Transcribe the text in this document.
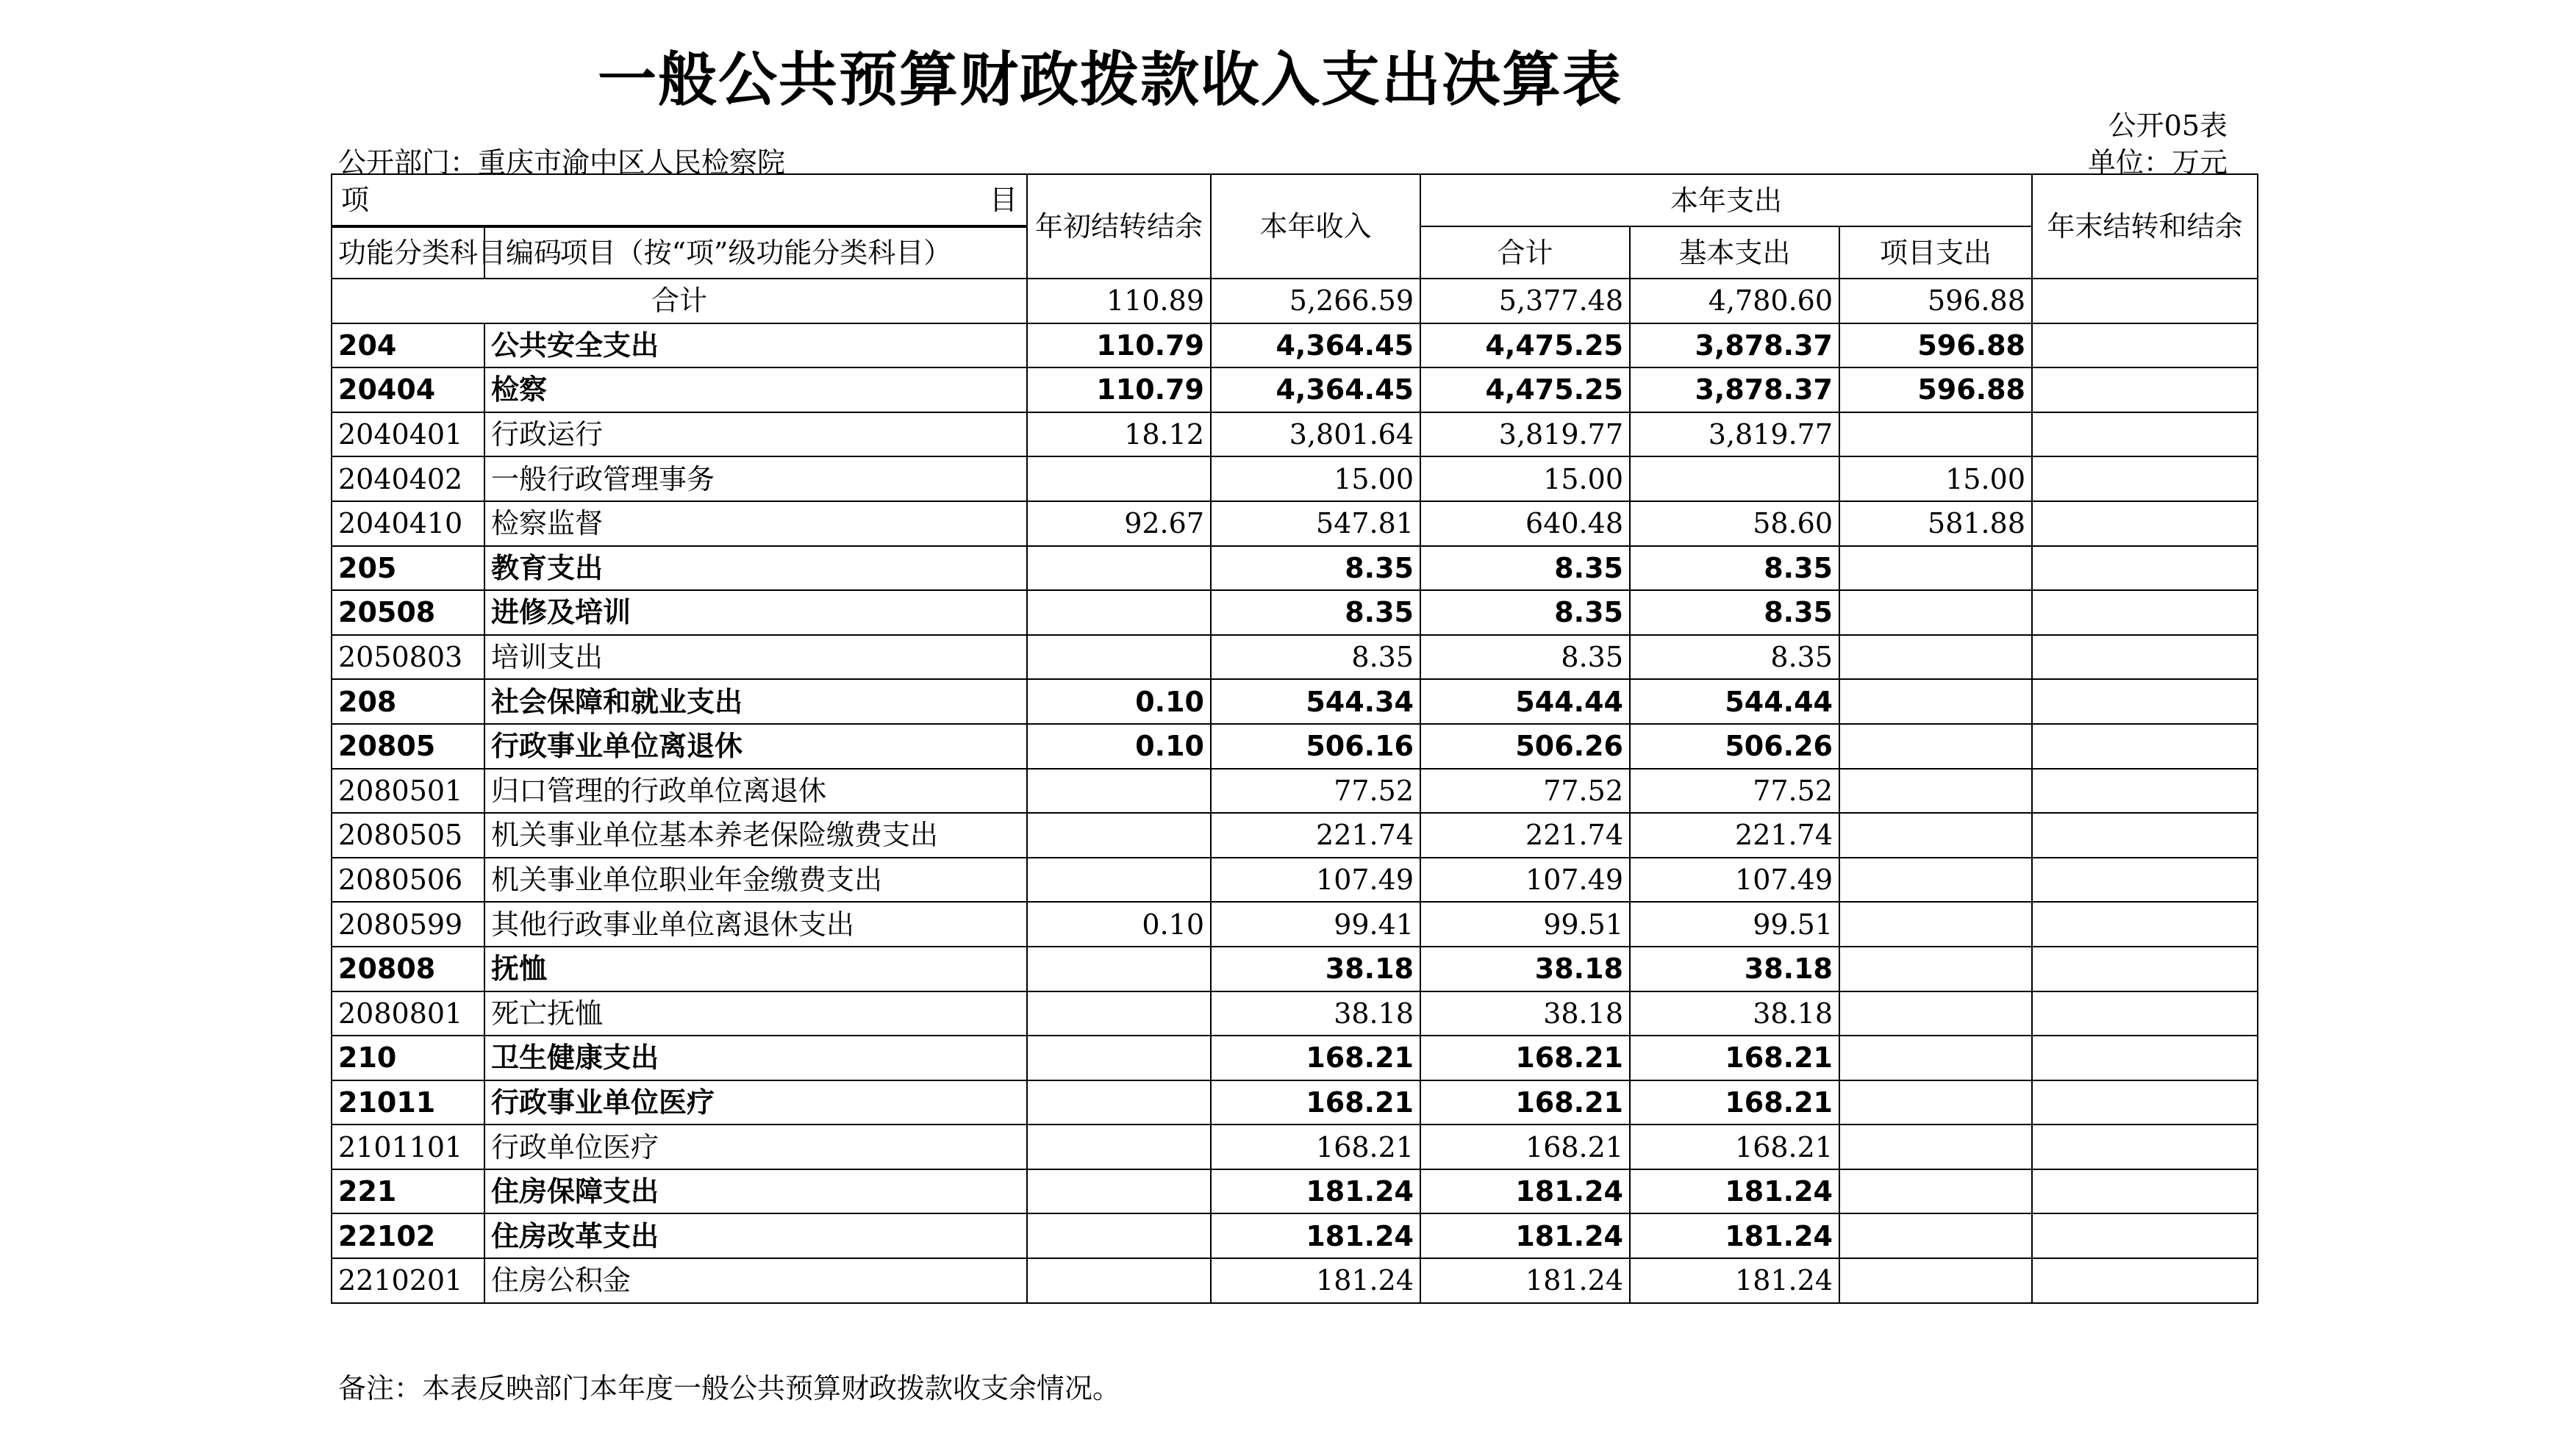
一般公共预算财政拨款收入支出决算表
公开05表
公开部门：重庆市渝中区人民检察院	单位：万元
项 目		年初结转结余	本年收入	本年支出			年末结转和结余
功能分类科目编码	项目（按“项”级功能分类科目）			合计	基本支出	项目支出	

合计		110.89	5,266.59	5,377.48	4,780.60	596.88	
204	公共安全支出	110.79	4,364.45	4,475.25	3,878.37	596.88	
20404	检察	110.79	4,364.45	4,475.25	3,878.37	596.88	
2040401	行政运行	18.12	3,801.64	3,819.77	3,819.77		
2040402	一般行政管理事务		15.00	15.00		15.00	
2040410	检察监督	92.67	547.81	640.48	58.60	581.88	
205	教育支出		8.35	8.35	8.35		
20508	进修及培训		8.35	8.35	8.35		
2050803	培训支出		8.35	8.35	8.35		
208	社会保障和就业支出	0.10	544.34	544.44	544.44		
20805	行政事业单位离退休	0.10	506.16	506.26	506.26		
2080501	归口管理的行政单位离退休		77.52	77.52	77.52		
2080505	机关事业单位基本养老保险缴费支出		221.74	221.74	221.74		
2080506	机关事业单位职业年金缴费支出		107.49	107.49	107.49		
2080599	其他行政事业单位离退休支出	0.10	99.41	99.51	99.51		
20808	抚恤		38.18	38.18	38.18		
2080801	死亡抚恤		38.18	38.18	38.18		
210	卫生健康支出		168.21	168.21	168.21		
21011	行政事业单位医疗		168.21	168.21	168.21		
2101101	行政单位医疗		168.21	168.21	168.21		
221	住房保障支出		181.24	181.24	181.24		
22102	住房改革支出		181.24	181.24	181.24		
2210201	住房公积金		181.24	181.24	181.24		
备注：本表反映部门本年度一般公共预算财政拨款收支余情况。
